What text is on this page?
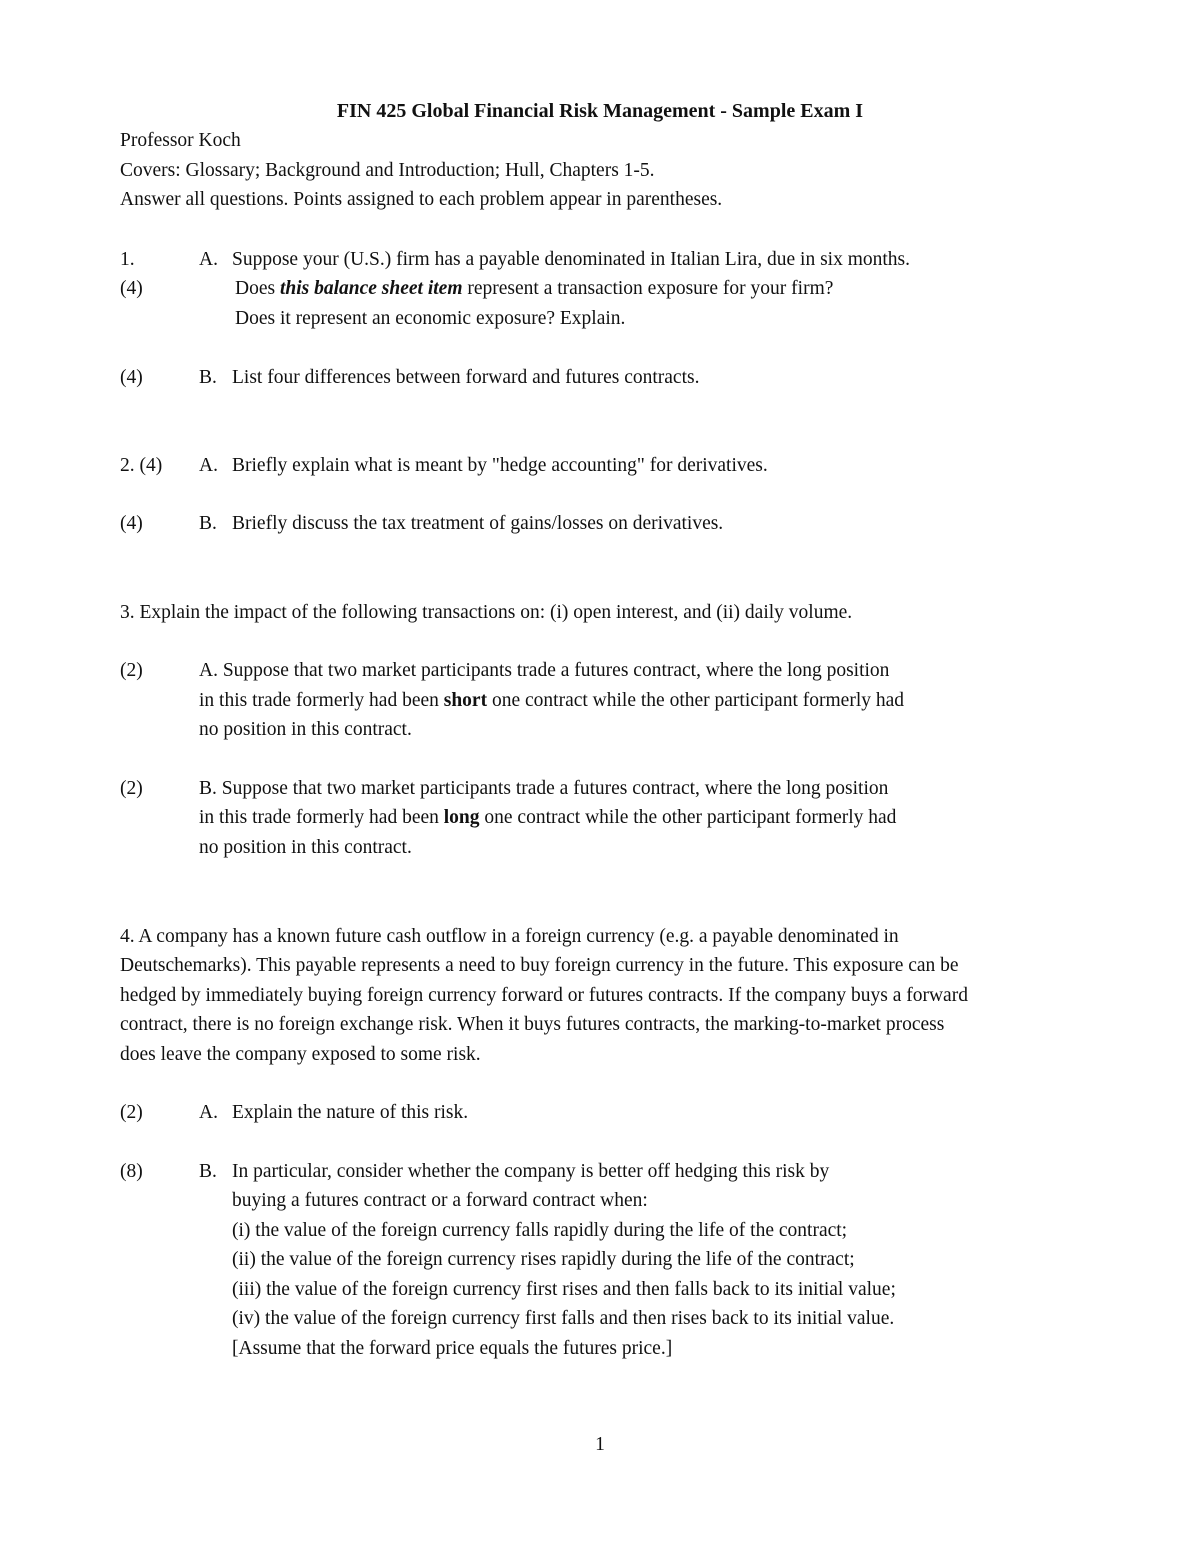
FIN 425 Global Financial Risk Management - Sample Exam I
Professor Koch
Covers: Glossary; Background and Introduction; Hull, Chapters 1-5.
Answer all questions. Points assigned to each problem appear in parentheses.
1.	A. Suppose your (U.S.) firm has a payable denominated in Italian Lira, due in six months.
(4)	Does this balance sheet item represent a transaction exposure for your firm?
Does it represent an economic exposure? Explain.
(4)	B. List four differences between forward and futures contracts.
2. (4) A. Briefly explain what is meant by "hedge accounting" for derivatives.
(4)	B. Briefly discuss the tax treatment of gains/losses on derivatives.
3. Explain the impact of the following transactions on: (i) open interest, and (ii) daily volume.
(2)	A. Suppose that two market participants trade a futures contract, where the long position
in this trade formerly had been short one contract while the other participant formerly had
no position in this contract.
(2)	B. Suppose that two market participants trade a futures contract, where the long position
in this trade formerly had been long one contract while the other participant formerly had
no position in this contract.
4. A company has a known future cash outflow in a foreign currency (e.g. a payable denominated in
Deutschemarks). This payable represents a need to buy foreign currency in the future. This exposure can be
hedged by immediately buying foreign currency forward or futures contracts. If the company buys a forward
contract, there is no foreign exchange risk. When it buys futures contracts, the marking-to-market process
does leave the company exposed to some risk.
(2)	A. Explain the nature of this risk.
(8)	B. In particular, consider whether the company is better off hedging this risk by
buying a futures contract or a forward contract when:
(i) the value of the foreign currency falls rapidly during the life of the contract;
(ii) the value of the foreign currency rises rapidly during the life of the contract;
(iii) the value of the foreign currency first rises and then falls back to its initial value;
(iv) the value of the foreign currency first falls and then rises back to its initial value.
[Assume that the forward price equals the futures price.]
1
